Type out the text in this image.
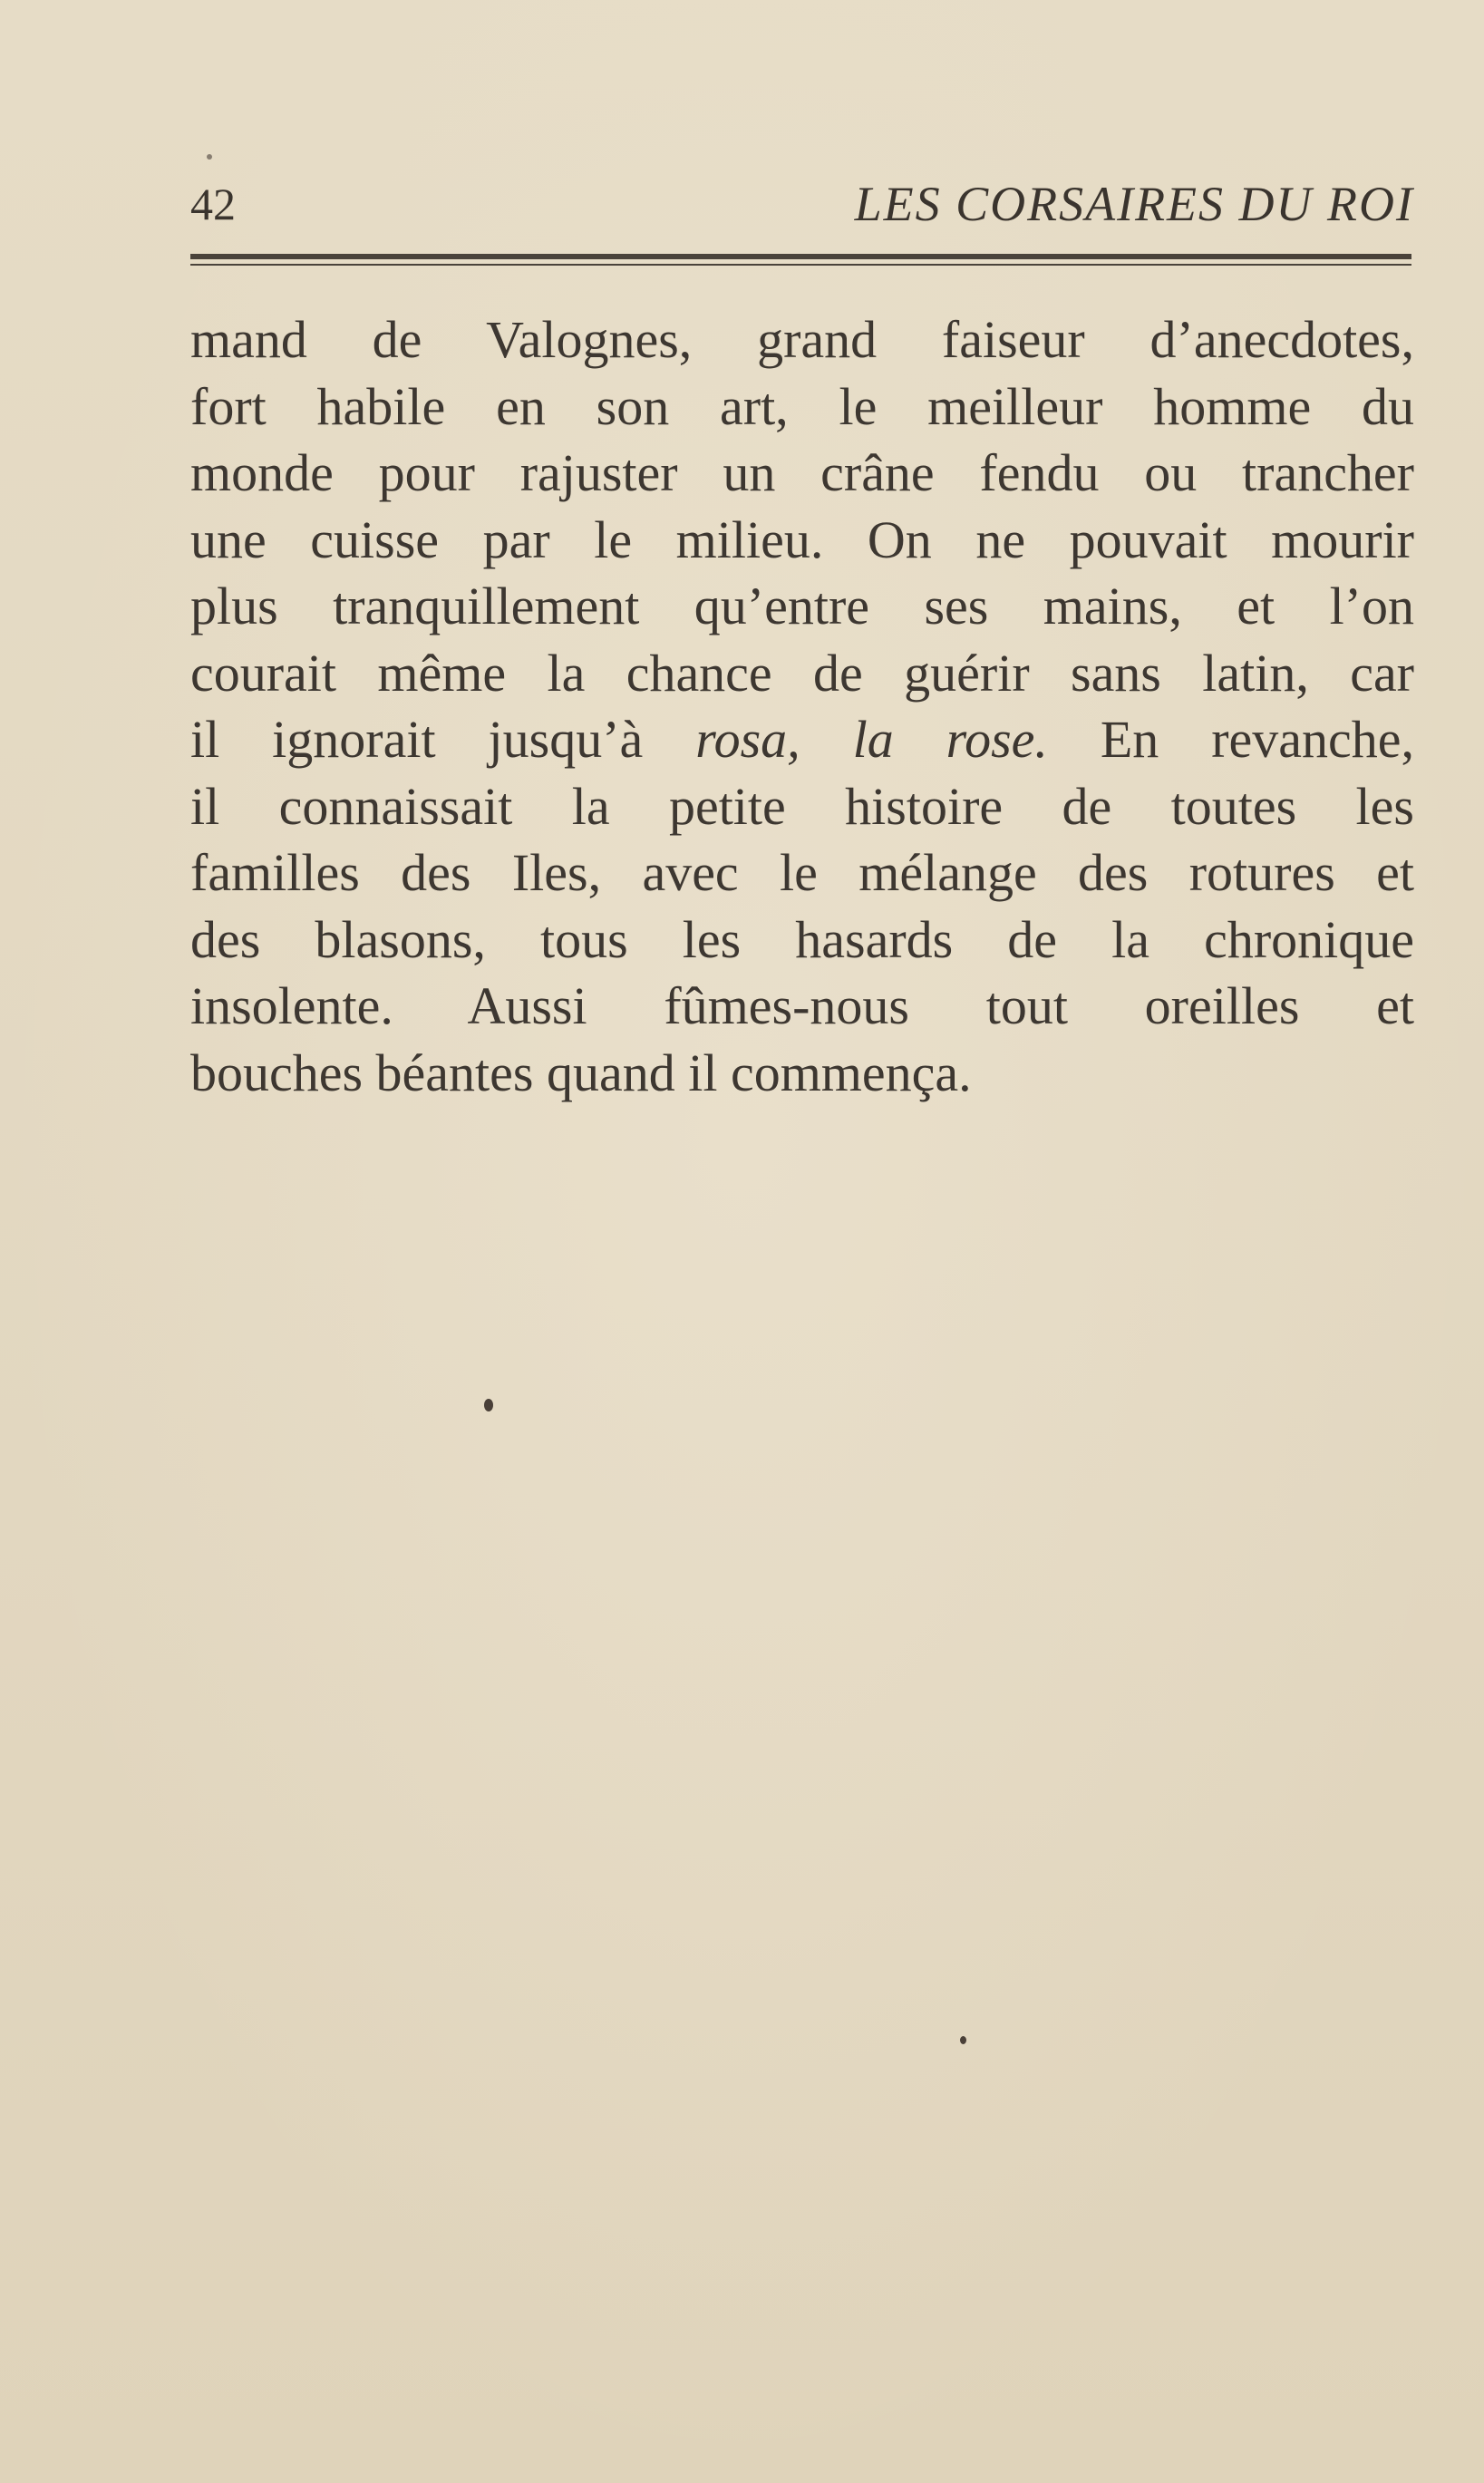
42	LES CORSAIRES DU ROI
mand de Valognes, grand faiseur d’anecdotes,
fort habile en son art, le meilleur homme du
monde pour rajuster un crâne fendu ou trancher
une cuisse par le milieu. On ne pouvait mourir
plus tranquillement qu’entre ses mains, et l’on
courait même la chance de guérir sans latin, car
il ignorait jusqu’à rosa, la rose. En revanche,
il connaissait la petite histoire de toutes les
familles des Iles, avec le mélange des rotures et
des blasons, tous les hasards de la chronique
insolente. Aussi fûmes-nous tout oreilles et
bouches béantes quand il commença.
